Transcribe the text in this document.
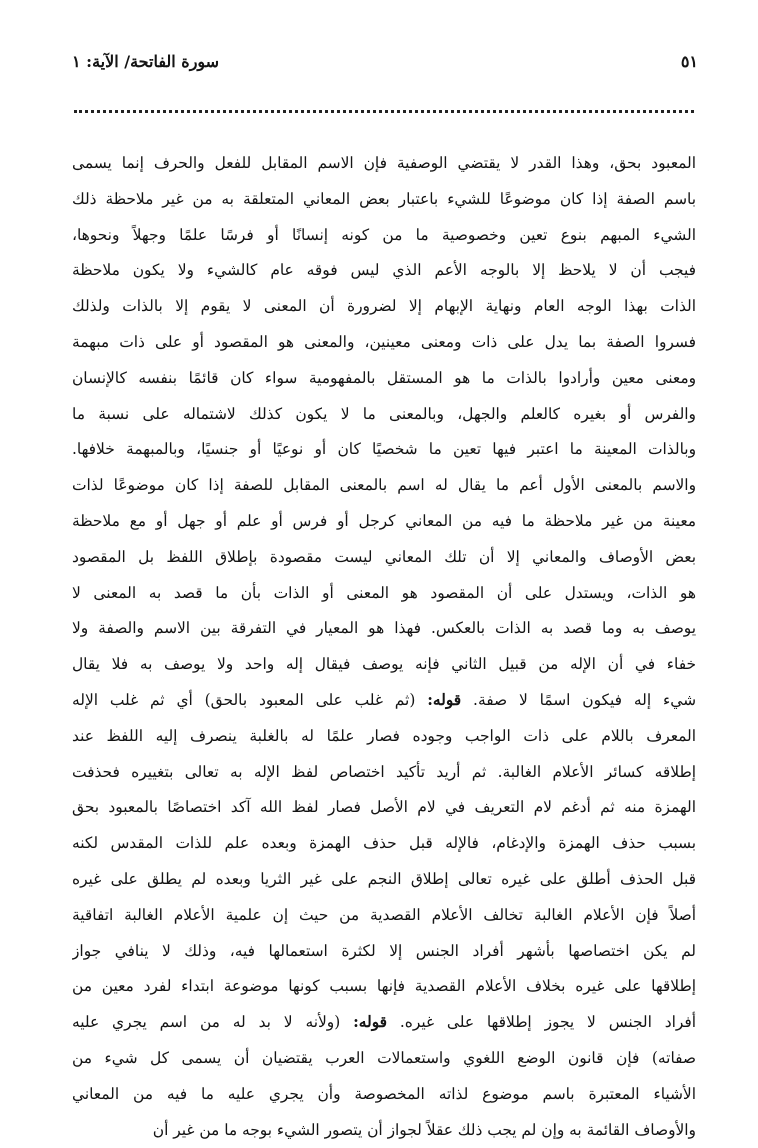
سورة الفاتحة/ الآية: ١	٥١
المعبود بحق، وهذا القدر لا يقتضي الوصفية فإن الاسم المقابل للفعل والحرف إنما يسمى
باسم الصفة إذا كان موضوعًا للشيء باعتبار بعض المعاني المتعلقة به من غير ملاحظة ذلك
الشيء المبهم بنوع تعين وخصوصية ما من كونه إنسانًا أو فرسًا علمًا وجهلاً ونحوها،
فيجب أن لا يلاحظ إلا بالوجه الأعم الذي ليس فوقه عام كالشيء ولا يكون ملاحظة
الذات بهذا الوجه العام ونهاية الإبهام إلا لضرورة أن المعنى لا يقوم إلا بالذات ولذلك
فسروا الصفة بما يدل على ذات ومعنى معينين، والمعنى هو المقصود أو على ذات مبهمة
ومعنى معين وأرادوا بالذات ما هو المستقل بالمفهومية سواء كان قائمًا بنفسه كالإنسان
والفرس أو بغيره كالعلم والجهل، وبالمعنى ما لا يكون كذلك لاشتماله على نسبة ما
وبالذات المعينة ما اعتبر فيها تعين ما شخصيًا كان أو نوعيًا أو جنسيًا، وبالمبهمة خلافها.
والاسم بالمعنى الأول أعم ما يقال له اسم بالمعنى المقابل للصفة إذا كان موضوعًا لذات
معينة من غير ملاحظة ما فيه من المعاني كرجل أو فرس أو علم أو جهل أو مع ملاحظة
بعض الأوصاف والمعاني إلا أن تلك المعاني ليست مقصودة بإطلاق اللفظ بل المقصود
هو الذات، ويستدل على أن المقصود هو المعنى أو الذات بأن ما قصد به المعنى لا
يوصف به وما قصد به الذات بالعكس. فهذا هو المعيار في التفرقة بين الاسم والصفة ولا
خفاء في أن الإله من قبيل الثاني فإنه يوصف فيقال إله واحد ولا يوصف به فلا يقال
شيء إله فيكون اسمًا لا صفة. قوله: (ثم غلب على المعبود بالحق) أي ثم غلب الإله
المعرف باللام على ذات الواجب وجوده فصار علمًا له بالغلبة ينصرف إليه اللفظ عند
إطلاقه كسائر الأعلام الغالبة. ثم أريد تأكيد اختصاص لفظ الإله به تعالى بتغييره فحذفت
الهمزة منه ثم أدغم لام التعريف في لام الأصل فصار لفظ الله آكد اختصاصًا بالمعبود بحق
بسبب حذف الهمزة والإدغام، فالإله قبل حذف الهمزة وبعده علم للذات المقدس لكنه
قبل الحذف أطلق على غيره تعالى إطلاق النجم على غير الثريا وبعده لم يطلق على غيره
أصلاً فإن الأعلام الغالبة تخالف الأعلام القصدية من حيث إن علمية الأعلام الغالبة اتفاقية
لم يكن اختصاصها بأشهر أفراد الجنس إلا لكثرة استعمالها فيه، وذلك لا ينافي جواز
إطلاقها على غيره بخلاف الأعلام القصدية فإنها بسبب كونها موضوعة ابتداء لفرد معين من
أفراد الجنس لا يجوز إطلاقها على غيره. قوله: (ولأنه لا بد له من اسم يجري عليه
صفاته) فإن قانون الوضع اللغوي واستعمالات العرب يقتضيان أن يسمى كل شيء من
الأشياء المعتبرة باسم موضوع لذاته المخصوصة وأن يجري عليه ما فيه من المعاني
والأوصاف القائمة به وإن لم يجب ذلك عقلاً لجواز أن يتصور الشيء بوجه ما من غير أن
